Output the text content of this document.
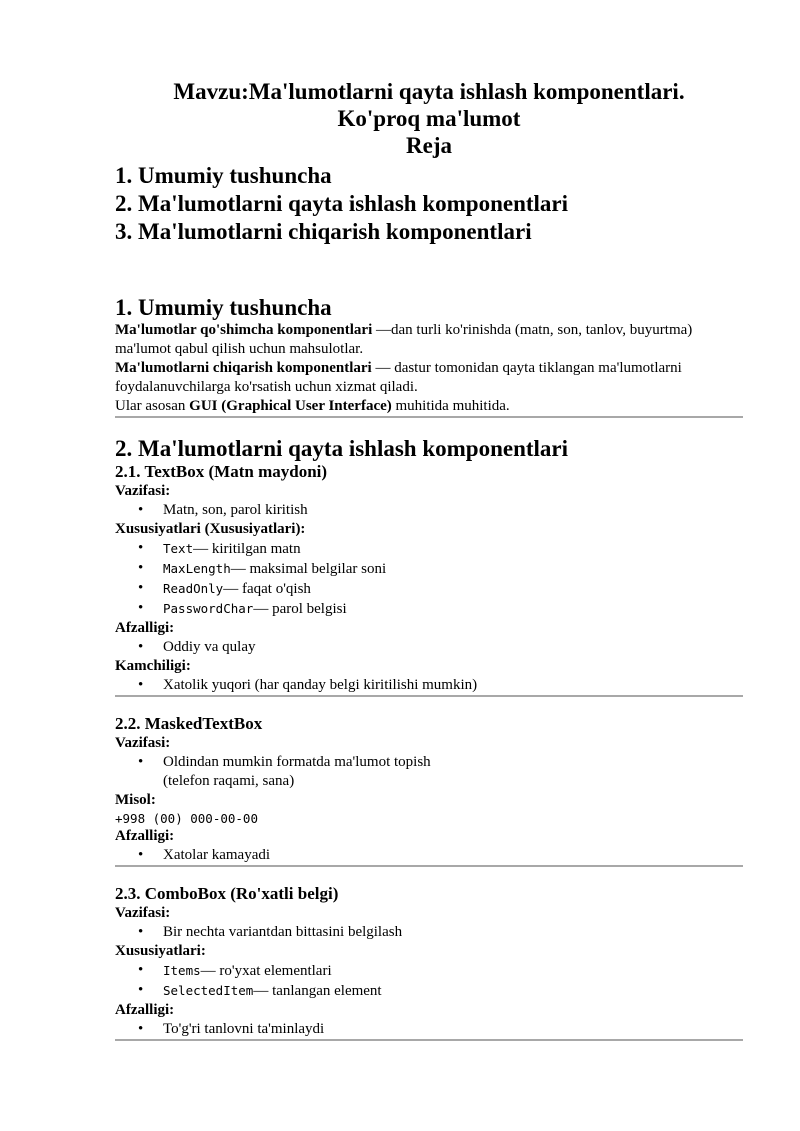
Mavzu:Ma'lumotlarni qayta ishlash komponentlari.
Ko'proq ma'lumot
Reja
1. Umumiy tushuncha
2. Ma'lumotlarni qayta ishlash komponentlari
3. Ma'lumotlarni chiqarish komponentlari
1. Umumiy tushuncha
Ma'lumotlar qo'shimcha komponentlari —dan turli ko'rinishda (matn, son, tanlov, buyurtma)
ma'lumot qabul qilish uchun mahsulotlar.
Ma'lumotlarni chiqarish komponentlari — dastur tomonidan qayta tiklangan ma'lumotlarni
foydalanuvchilarga ko'rsatish uchun xizmat qiladi.
Ular asosan GUI (Graphical User Interface) muhitida muhitida.
2. Ma'lumotlarni qayta ishlash komponentlari
2.1. TextBox (Matn maydoni)
Vazifasi:
• Matn, son, parol kiritish
Xususiyatlari (Xususiyatlari):
• Text— kiritilgan matn
• MaxLength— maksimal belgilar soni
• ReadOnly— faqat o'qish
• PasswordChar— parol belgisi
Afzalligi:
• Oddiy va qulay
Kamchiligi:
• Xatolik yuqori (har qanday belgi kiritilishi mumkin)
2.2. MaskedTextBox
Vazifasi:
• Oldindan mumkin formatda ma'lumot topish
(telefon raqami, sana)
Misol:
+998 (00) 000-00-00
Afzalligi:
• Xatolar kamayadi
2.3. ComboBox (Ro'xatli belgi)
Vazifasi:
• Bir nechta variantdan bittasini belgilash
Xususiyatlari:
• Items— ro'yxat elementlari
• SelectedItem— tanlangan element
Afzalligi:
• To'g'ri tanlovni ta'minlaydi
